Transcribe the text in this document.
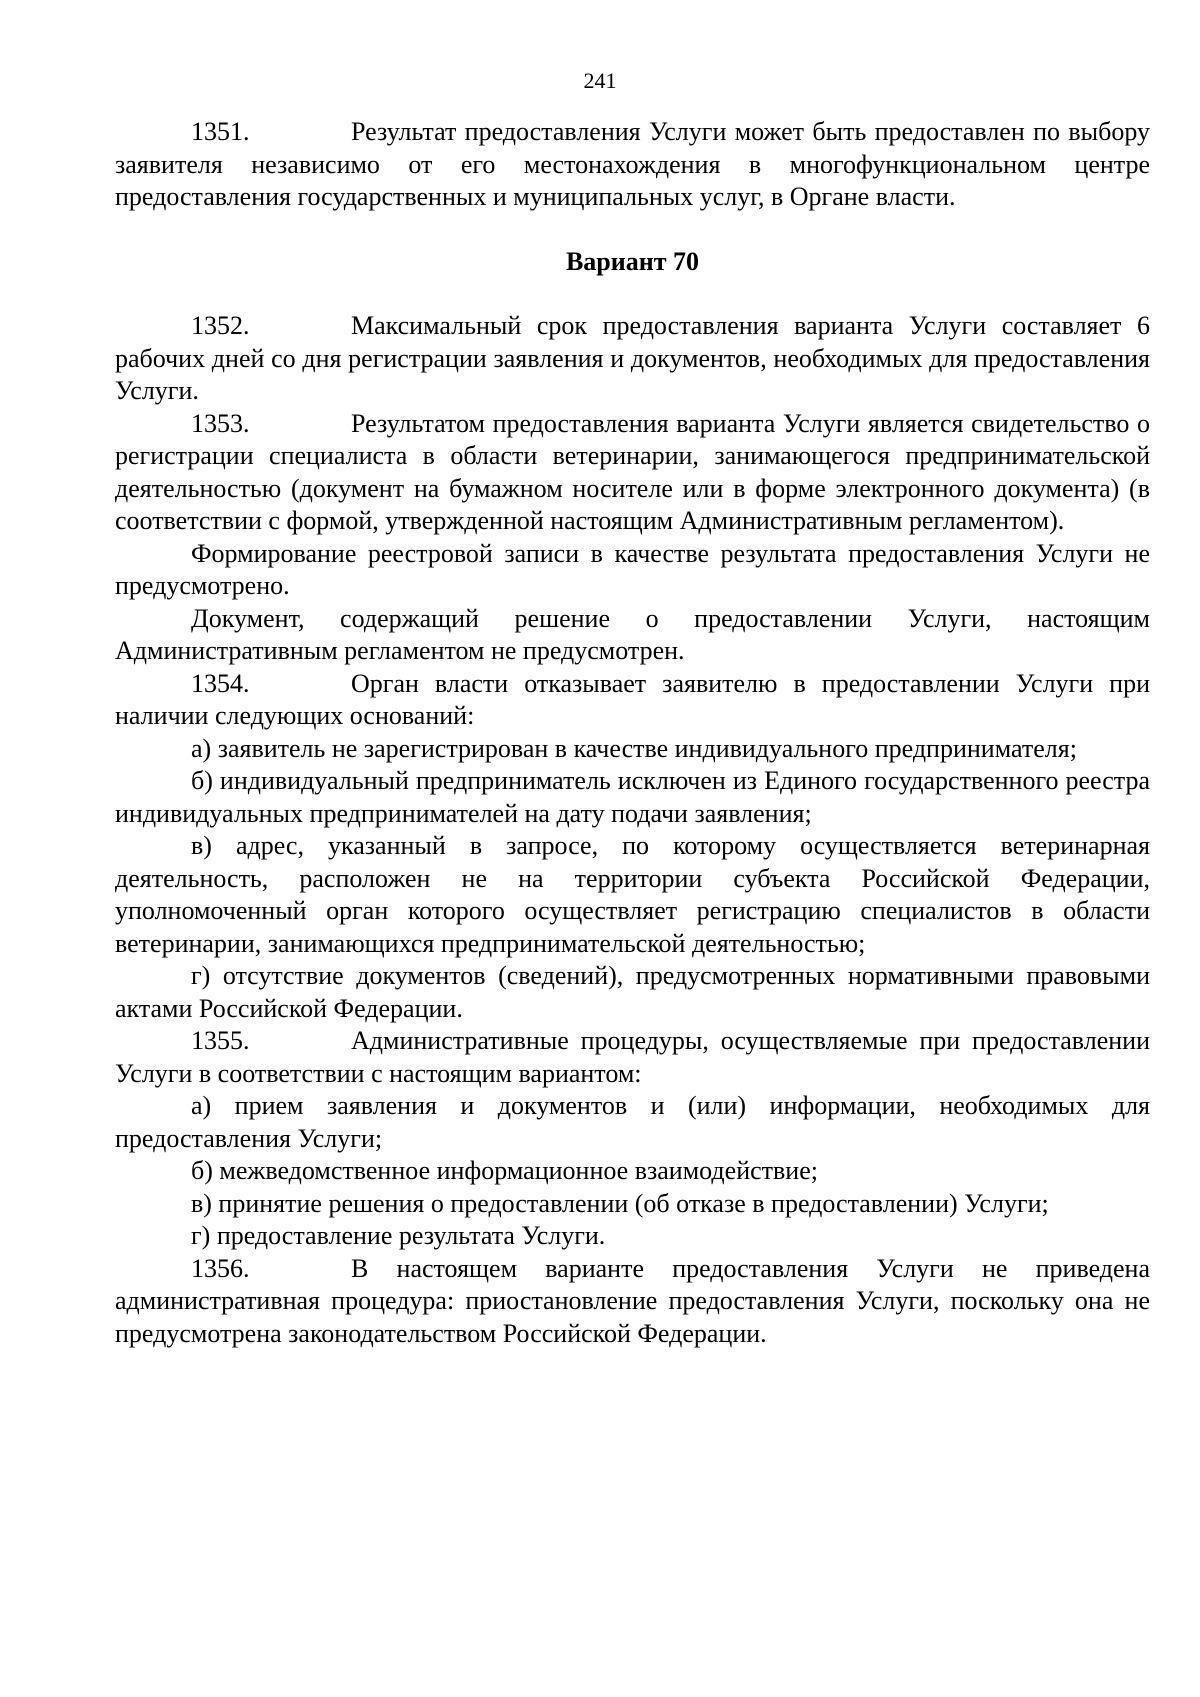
241

1351.	Результат предоставления Услуги может быть предоставлен по выбору заявителя независимо от его местонахождения в многофункциональном центре предоставления государственных и муниципальных услуг, в Органе власти.

Вариант 70

1352.	Максимальный срок предоставления варианта Услуги составляет 6 рабочих дней со дня регистрации заявления и документов, необходимых для предоставления Услуги.

1353.	Результатом предоставления варианта Услуги является свидетельство о регистрации специалиста в области ветеринарии, занимающегося предпринимательской деятельностью (документ на бумажном носителе или в форме электронного документа) (в соответствии с формой, утвержденной настоящим Административным регламентом).

Формирование реестровой записи в качестве результата предоставления Услуги не предусмотрено.

Документ, содержащий решение о предоставлении Услуги, настоящим Административным регламентом не предусмотрен.

1354.	Орган власти отказывает заявителю в предоставлении Услуги при наличии следующих оснований:

а) заявитель не зарегистрирован в качестве индивидуального предпринимателя;

б) индивидуальный предприниматель исключен из Единого государственного реестра индивидуальных предпринимателей на дату подачи заявления;

в) адрес, указанный в запросе, по которому осуществляется ветеринарная деятельность, расположен не на территории субъекта Российской Федерации, уполномоченный орган которого осуществляет регистрацию специалистов в области ветеринарии, занимающихся предпринимательской деятельностью;

г) отсутствие документов (сведений), предусмотренных нормативными правовыми актами Российской Федерации.

1355.	Административные процедуры, осуществляемые при предоставлении Услуги в соответствии с настоящим вариантом:

а) прием заявления и документов и (или) информации, необходимых для предоставления Услуги;

б) межведомственное информационное взаимодействие;

в) принятие решения о предоставлении (об отказе в предоставлении) Услуги;

г) предоставление результата Услуги.

1356.	В настоящем варианте предоставления Услуги не приведена административная процедура: приостановление предоставления Услуги, поскольку она не предусмотрена законодательством Российской Федерации.
